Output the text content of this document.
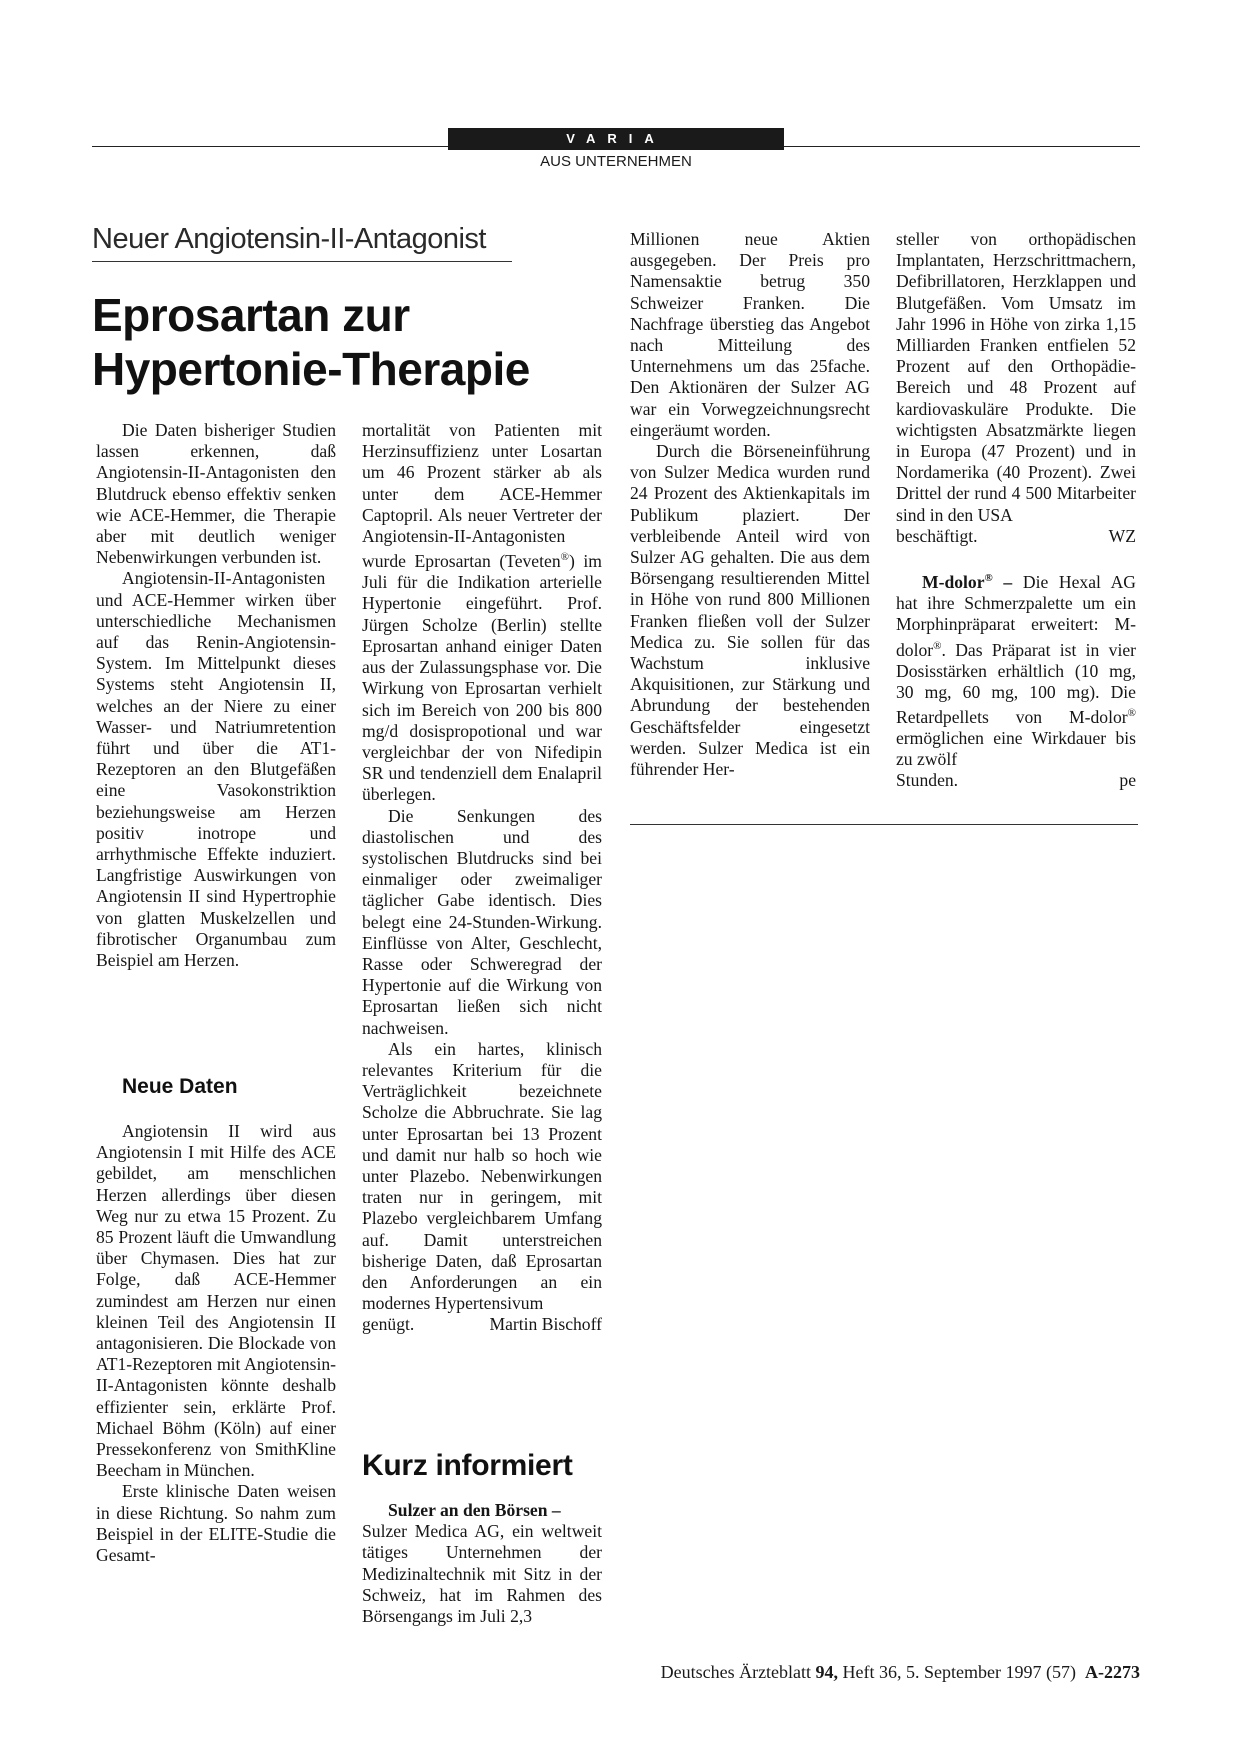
VARIA
AUS UNTERNEHMEN
Neuer Angiotensin-II-Antagonist
Eprosartan zur
Hypertonie-Therapie

Die Daten bisheriger Studien lassen erkennen, daß Angiotensin-II-Antagonisten den Blutdruck ebenso effektiv senken wie ACE-Hemmer, die Therapie aber mit deutlich weniger Nebenwirkungen verbunden ist.

Angiotensin-II-Antagonisten und ACE-Hemmer wirken über unterschiedliche Mechanismen auf das Renin-Angiotensin-System. Im Mittelpunkt dieses Systems steht Angiotensin II, welches an der Niere zu einer Wasser- und Natriumretention führt und über die AT1-Rezeptoren an den Blutgefäßen eine Vasokonstriktion beziehungsweise am Herzen positiv inotrope und arrhythmische Effekte induziert. Langfristige Auswirkungen von Angiotensin II sind Hypertrophie von glatten Muskelzellen und fibrotischer Organumbau zum Beispiel am Herzen.

Neue Daten

Angiotensin II wird aus Angiotensin I mit Hilfe des ACE gebildet, am menschlichen Herzen allerdings über diesen Weg nur zu etwa 15 Prozent. Zu 85 Prozent läuft die Umwandlung über Chymasen. Dies hat zur Folge, daß ACE-Hemmer zumindest am Herzen nur einen kleinen Teil des Angiotensin II antagonisieren. Die Blockade von AT1-Rezeptoren mit Angiotensin-II-Antagonisten könnte deshalb effizienter sein, erklärte Prof. Michael Böhm (Köln) auf einer Pressekonferenz von SmithKline Beecham in München.

Erste klinische Daten weisen in diese Richtung. So nahm zum Beispiel in der ELITE-Studie die Gesamt-

mortalität von Patienten mit Herzinsuffizienz unter Losartan um 46 Prozent stärker ab als unter dem ACE-Hemmer Captopril. Als neuer Vertreter der Angiotensin-II-Antagonisten wurde Eprosartan (Teveten®) im Juli für die Indikation arterielle Hypertonie eingeführt. Prof. Jürgen Scholze (Berlin) stellte Eprosartan anhand einiger Daten aus der Zulassungsphase vor. Die Wirkung von Eprosartan verhielt sich im Bereich von 200 bis 800 mg/d dosispropotional und war vergleichbar der von Nifedipin SR und tendenziell dem Enalapril überlegen.

Die Senkungen des diastolischen und des systolischen Blutdrucks sind bei einmaliger oder zweimaliger täglicher Gabe identisch. Dies belegt eine 24-Stunden-Wirkung. Einflüsse von Alter, Geschlecht, Rasse oder Schweregrad der Hypertonie auf die Wirkung von Eprosartan ließen sich nicht nachweisen.

Als ein hartes, klinisch relevantes Kriterium für die Verträglichkeit bezeichnete Scholze die Abbruchrate. Sie lag unter Eprosartan bei 13 Prozent und damit nur halb so hoch wie unter Plazebo. Nebenwirkungen traten nur in geringem, mit Plazebo vergleichbarem Umfang auf. Damit unterstreichen bisherige Daten, daß Eprosartan den Anforderungen an ein modernes Hypertensivum

genügt.	Martin Bischoff
Kurz informiert

Sulzer an den Börsen –
Sulzer Medica AG, ein weltweit tätiges Unternehmen der Medizinaltechnik mit Sitz in der Schweiz, hat im Rahmen des Börsengangs im Juli 2,3

Millionen neue Aktien ausgegeben. Der Preis pro Namensaktie betrug 350 Schweizer Franken. Die Nachfrage überstieg das Angebot nach Mitteilung des Unternehmens um das 25fache. Den Aktionären der Sulzer AG war ein Vorwegzeichnungsrecht eingeräumt worden.

Durch die Börseneinführung von Sulzer Medica wurden rund 24 Prozent des Aktienkapitals im Publikum plaziert. Der verbleibende Anteil wird von Sulzer AG gehalten. Die aus dem Börsengang resultierenden Mittel in Höhe von rund 800 Millionen Franken fließen voll der Sulzer Medica zu. Sie sollen für das Wachstum inklusive Akquisitionen, zur Stärkung und Abrundung der bestehenden Geschäftsfelder eingesetzt werden. Sulzer Medica ist ein führender Her-

steller von orthopädischen Implantaten, Herzschrittmachern, Defibrillatoren, Herzklappen und Blutgefäßen. Vom Umsatz im Jahr 1996 in Höhe von zirka 1,15 Milliarden Franken entfielen 52 Prozent auf den Orthopädie-Bereich und 48 Prozent auf kardiovaskuläre Produkte. Die wichtigsten Absatzmärkte liegen in Europa (47 Prozent) und in Nordamerika (40 Prozent). Zwei Drittel der rund 4 500 Mitarbeiter sind in den USA

beschäftigt.	WZ

M-dolor® – Die Hexal AG hat ihre Schmerzpalette um ein Morphinpräparat erweitert: M-dolor®. Das Präparat ist in vier Dosisstärken erhältlich (10 mg, 30 mg, 60 mg, 100 mg). Die Retardpellets von M-dolor® ermöglichen eine Wirkdauer bis zu zwölf

Stunden.	pe
Deutsches Ärzteblatt 94, Heft 36, 5. September 1997 (57) A-2273
